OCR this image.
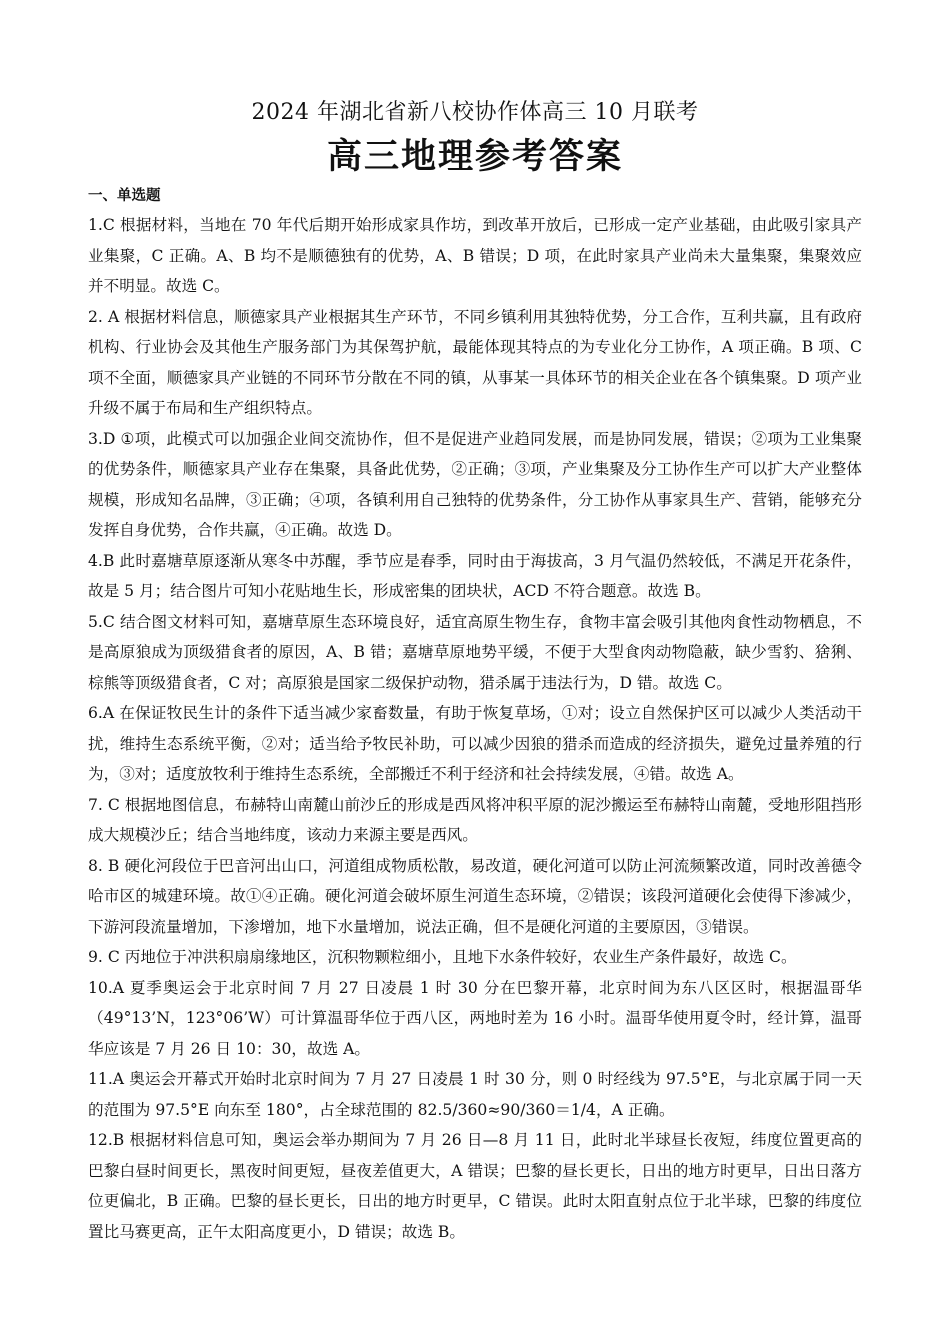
2024 年湖北省新八校协作体高三 10 月联考
高三地理参考答案
一、单选题
1.C 根据材料，当地在 70 年代后期开始形成家具作坊，到改革开放后，已形成一定产业基础，由此吸引家具产业集聚，C 正确。A、B 均不是顺德独有的优势，A、B 错误；D 项，在此时家具产业尚未大量集聚，集聚效应并不明显。故选 C。
2. A 根据材料信息，顺德家具产业根据其生产环节，不同乡镇利用其独特优势，分工合作，互利共赢，且有政府机构、行业协会及其他生产服务部门为其保驾护航，最能体现其特点的为专业化分工协作，A 项正确。B 项、C 项不全面，顺德家具产业链的不同环节分散在不同的镇，从事某一具体环节的相关企业在各个镇集聚。D 项产业升级不属于布局和生产组织特点。
3.D ①项，此模式可以加强企业间交流协作，但不是促进产业趋同发展，而是协同发展，错误；②项为工业集聚的优势条件，顺德家具产业存在集聚，具备此优势，②正确；③项，产业集聚及分工协作生产可以扩大产业整体规模，形成知名品牌，③正确；④项，各镇利用自己独特的优势条件，分工协作从事家具生产、营销，能够充分发挥自身优势，合作共赢，④正确。故选 D。
4.B 此时嘉塘草原逐渐从寒冬中苏醒，季节应是春季，同时由于海拔高，3 月气温仍然较低，不满足开花条件，故是 5 月；结合图片可知小花贴地生长，形成密集的团块状，ACD 不符合题意。故选 B。
5.C 结合图文材料可知，嘉塘草原生态环境良好，适宜高原生物生存，食物丰富会吸引其他肉食性动物栖息，不是高原狼成为顶级猎食者的原因，A、B 错；嘉塘草原地势平缓，不便于大型食肉动物隐蔽，缺少雪豹、猞猁、棕熊等顶级猎食者，C 对；高原狼是国家二级保护动物，猎杀属于违法行为，D 错。故选 C。
6.A 在保证牧民生计的条件下适当减少家畜数量，有助于恢复草场，①对；设立自然保护区可以减少人类活动干扰，维持生态系统平衡，②对；适当给予牧民补助，可以减少因狼的猎杀而造成的经济损失，避免过量养殖的行为，③对；适度放牧利于维持生态系统，全部搬迁不利于经济和社会持续发展，④错。故选 A。
7. C 根据地图信息，布赫特山南麓山前沙丘的形成是西风将冲积平原的泥沙搬运至布赫特山南麓，受地形阻挡形成大规模沙丘；结合当地纬度，该动力来源主要是西风。
8. B 硬化河段位于巴音河出山口，河道组成物质松散，易改道，硬化河道可以防止河流频繁改道，同时改善德令哈市区的城建环境。故①④正确。硬化河道会破坏原生河道生态环境，②错误；该段河道硬化会使得下渗减少，下游河段流量增加，下渗增加，地下水量增加，说法正确，但不是硬化河道的主要原因，③错误。
9. C 丙地位于冲洪积扇扇缘地区，沉积物颗粒细小，且地下水条件较好，农业生产条件最好，故选 C。
10.A 夏季奥运会于北京时间 7 月 27 日凌晨 1 时 30 分在巴黎开幕，北京时间为东八区区时，根据温哥华（49°13’N，123°06’W）可计算温哥华位于西八区，两地时差为 16 小时。温哥华使用夏令时，经计算，温哥华应该是 7 月 26 日 10：30，故选 A。
11.A 奥运会开幕式开始时北京时间为 7 月 27 日凌晨 1 时 30 分，则 0 时经线为 97.5°E，与北京属于同一天的范围为 97.5°E 向东至 180°，占全球范围的 82.5/360≈90/360＝1/4，A 正确。
12.B 根据材料信息可知，奥运会举办期间为 7 月 26 日—8 月 11 日，此时北半球昼长夜短，纬度位置更高的巴黎白昼时间更长，黑夜时间更短，昼夜差值更大，A 错误；巴黎的昼长更长，日出的地方时更早，日出日落方位更偏北，B 正确。巴黎的昼长更长，日出的地方时更早，C 错误。此时太阳直射点位于北半球，巴黎的纬度位置比马赛更高，正午太阳高度更小，D 错误；故选 B。
